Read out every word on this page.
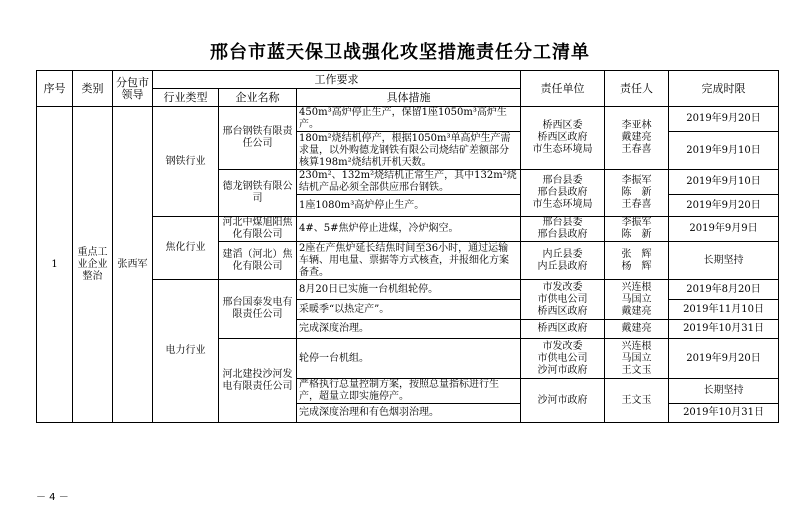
邢台市蓝天保卫战强化攻坚措施责任分工清单
序号	类别	分包市领导	工作要求			责任单位	责任人	完成时限
			行业类型	企业名称	具体措施			
1	重点工业企业整治	张西军	钢铁行业	邢台钢铁有限责任公司	450m³高炉停止生产，保留1座1050m³高炉生产。	桥西区委
桥西区政府
市生态环境局	李亚林
戴建亮
王春喜	2019年9月20日
					180m²烧结机停产，根据1050m³单高炉生产需求量，以外购德龙钢铁有限公司烧结矿差额部分核算198m²烧结机开机天数。			2019年9月10日
				德龙钢铁有限公司	230m²、132m²烧结机正常生产，其中132m²烧结机产品必须全部供应邢台钢铁。	邢台县委
邢台县政府
市生态环境局	李振军
陈　新
王春喜	2019年9月10日
					1座1080m³高炉停止生产。			2019年9月20日
			焦化行业	河北中煤旭阳焦化有限公司	4#、5#焦炉停止进煤，冷炉焖空。	邢台县委
邢台县政府	李振军
陈　新	2019年9月9日
				建滔（河北）焦化有限公司	2座在产焦炉延长结焦时间至36小时，通过运输车辆、用电量、票据等方式核查，并报细化方案备查。	内丘县委
内丘县政府	张　辉
杨　辉	长期坚持
			电力行业	邢台国泰发电有限责任公司	8月20日已实施一台机组轮停。	市发改委
市供电公司
桥西区政府	兴连根
马国立
戴建亮	2019年8月20日
					采暖季“以热定产”。			2019年11月10日
					完成深度治理。	桥西区政府	戴建亮	2019年10月31日
				河北建投沙河发电有限责任公司	轮停一台机组。	市发改委
市供电公司
沙河市政府	兴连根
马国立
王文玉	2019年9月20日
					严格执行总量控制方案，按照总量指标进行生产，超量立即实施停产。	沙河市政府	王文玉	长期坚持
					完成深度治理和有色烟羽治理。			2019年10月31日
－ 4 －
